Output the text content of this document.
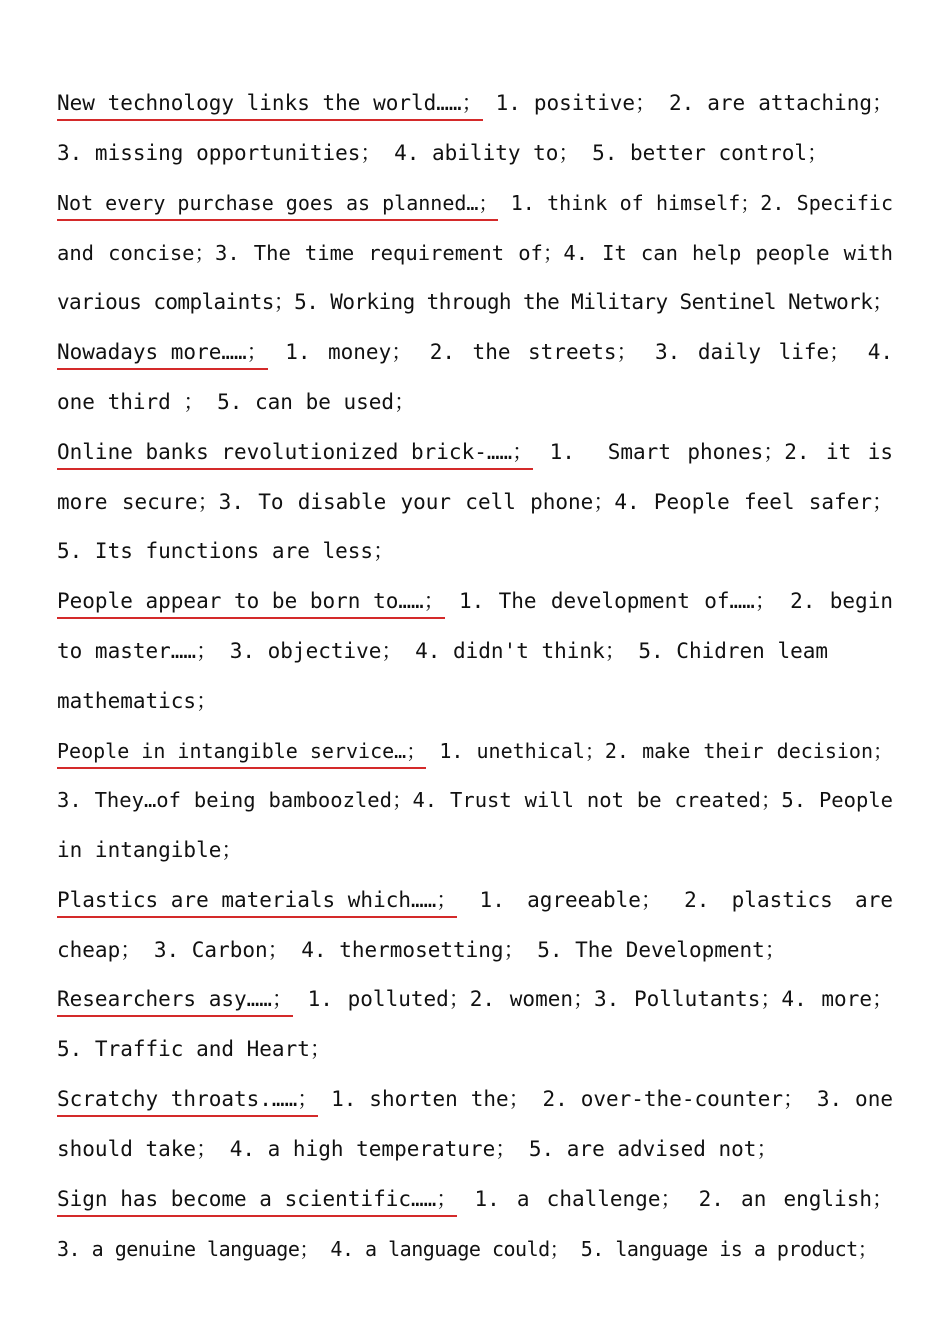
New technology links the world……； 1. positive； 2. are attaching；
3. missing opportunities； 4. ability to； 5. better control；
Not every purchase goes as planned…； 1. think of himself；2. Specific
and concise；3. The time requirement of；4. It can help people with
various complaints；5. Working through the Military Sentinel Network；
Nowadays more……； 1. money； 2. the streets； 3. daily life； 4.
one third ； 5. can be used；
Online banks revolutionized brick-……； 1.  Smart phones；2. it is
more secure；3. To disable your cell phone；4. People feel safer；
5. Its functions are less；
People appear to be born to……； 1. The development of……； 2. begin
to master……； 3. objective； 4. didn't think； 5. Chidren leam
mathematics；
People in intangible service…； 1. unethical；2. make their decision；
3. They…of being bamboozled；4. Trust will not be created；5. People
in intangible；
Plastics are materials which……； 1. agreeable； 2. plastics are
cheap； 3. Carbon； 4. thermosetting； 5. The Development；
Researchers asy……； 1. polluted；2. women；3. Pollutants；4. more；
5. Traffic and Heart；
Scratchy throats.……； 1. shorten the； 2. over-the-counter； 3. one
should take； 4. a high temperature； 5. are advised not；
Sign has become a scientific……； 1. a challenge； 2. an english；
3. a genuine language； 4. a language could； 5. language is a product；
